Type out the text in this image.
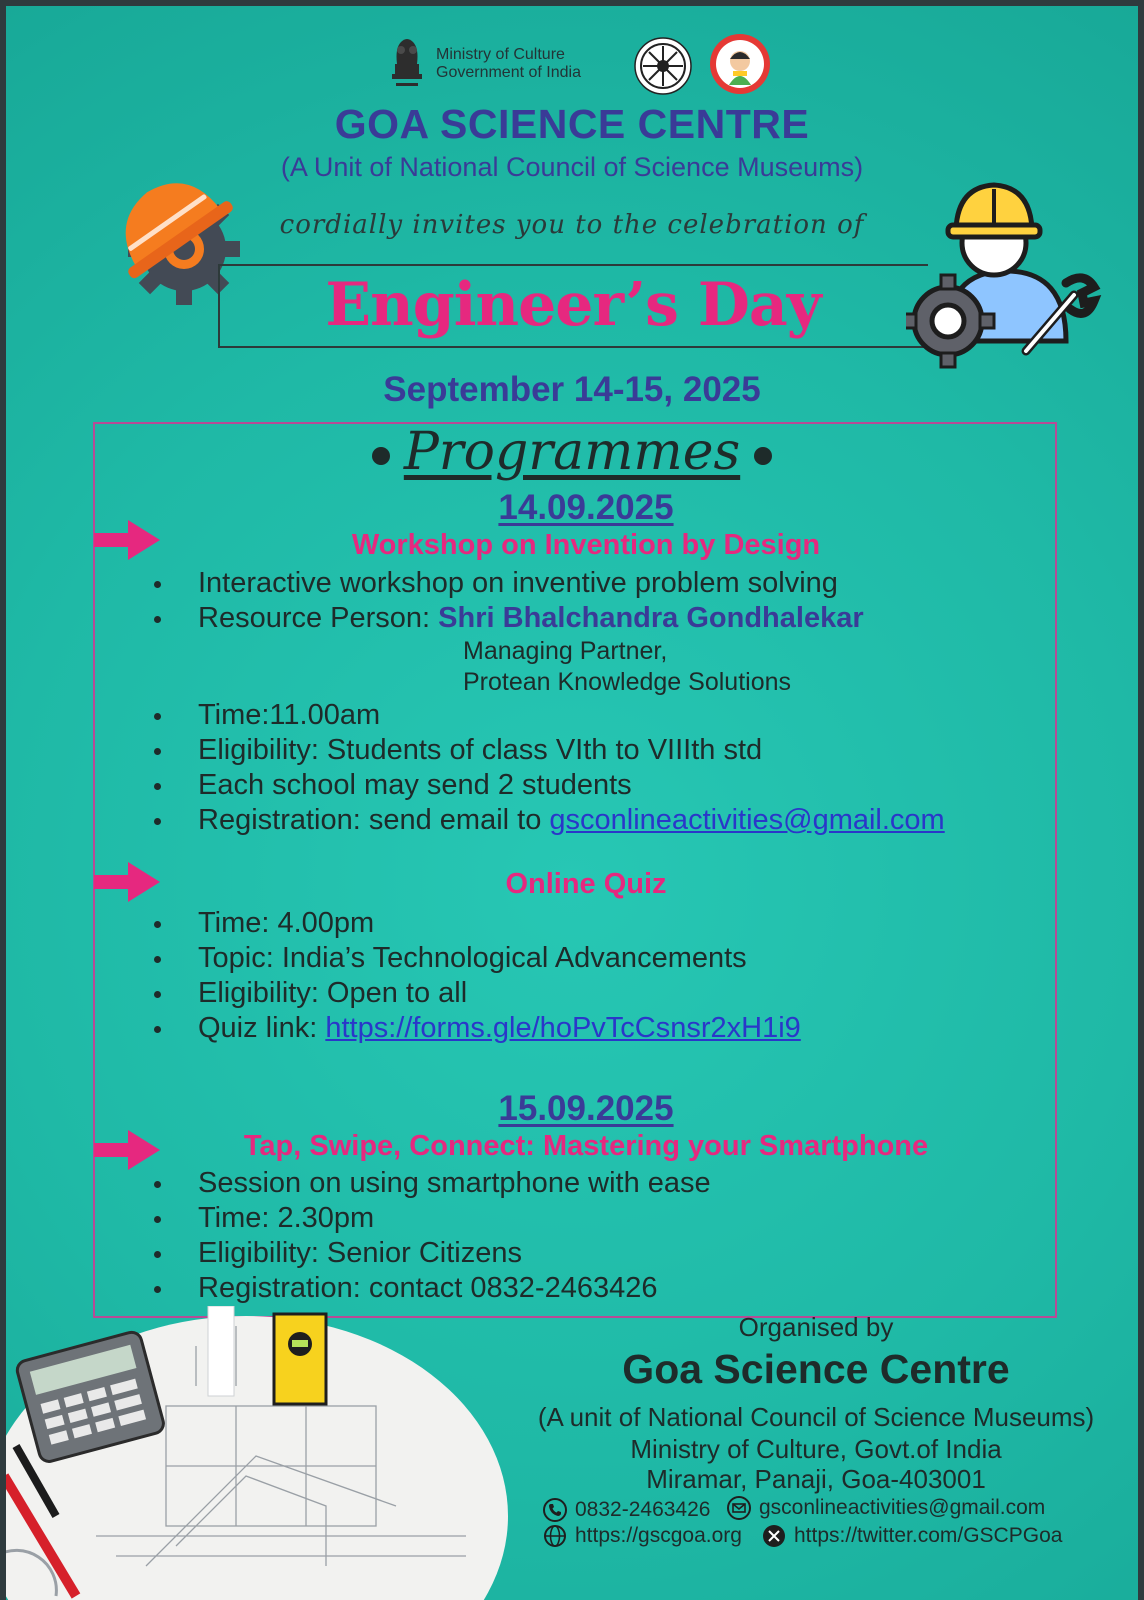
Ministry of Culture
Government of India
GOA SCIENCE CENTRE
(A Unit of National Council of Science Museums)
cordially invites you to the celebration of
Engineer’s Day
September 14-15, 2025
Programmes
14.09.2025
Workshop on Invention by Design
Interactive workshop on inventive problem solving
Resource Person: Shri Bhalchandra Gondhalekar
Managing Partner,
Protean Knowledge Solutions
Time:11.00am
Eligibility: Students of class VIth to VIIIth std
Each school may send 2 students
Registration: send email to gsconlineactivities@gmail.com
Online Quiz
Time: 4.00pm
Topic: India’s Technological Advancements
Eligibility: Open to all
Quiz link: https://forms.gle/hoPvTcCsnsr2xH1i9
15.09.2025
Tap, Swipe, Connect: Mastering your Smartphone
Session on using smartphone with ease
Time: 2.30pm
Eligibility: Senior Citizens
Registration: contact 0832-2463426
Organised by
Goa Science Centre
(A unit of National Council of Science Museums)
Ministry of Culture, Govt.of India
Miramar, Panaji, Goa-403001
0832-2463426 gsconlineactivities@gmail.com
https://gscgoa.org https://twitter.com/GSCPGoa
